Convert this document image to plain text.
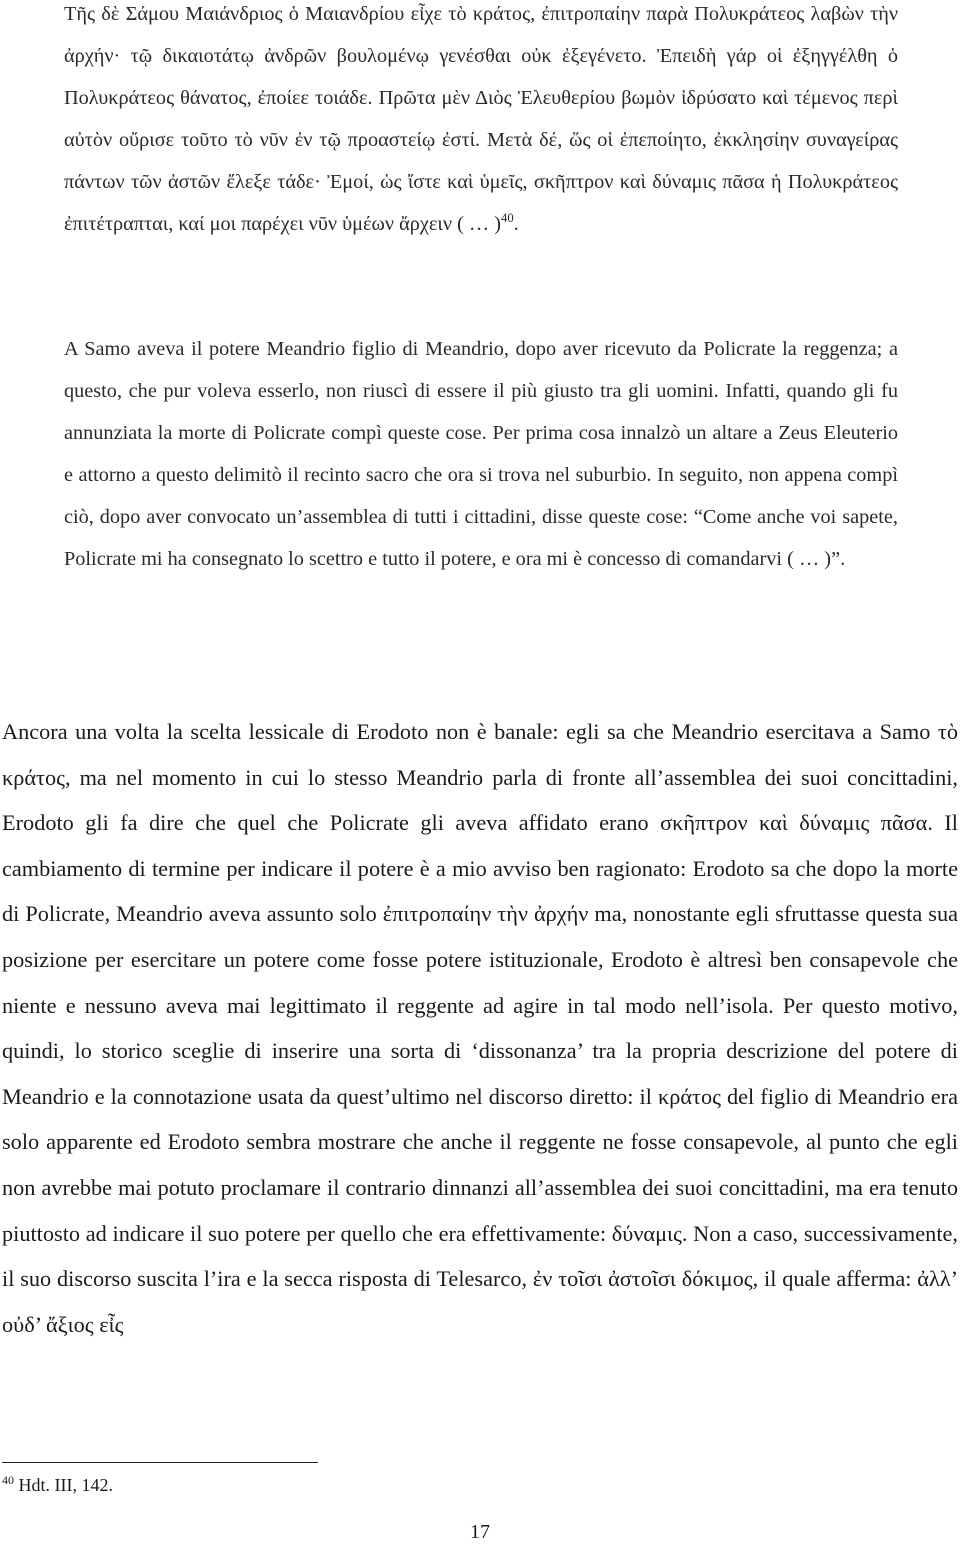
Τῆς δὲ Σάμου Μαιάνδριος ὁ Μαιανδρίου εἶχε τὸ κράτος, ἐπιτροπαίην παρὰ Πολυκράτεος λαβὼν τὴν ἀρχήν· τῷ δικαιοτάτῳ ἀνδρῶν βουλομένῳ γενέσθαι οὐκ ἐξεγένετο. Ἐπειδὴ γάρ οἱ ἐξηγγέλθη ὁ Πολυκράτεος θάνατος, ἐποίεε τοιάδε. Πρῶτα μὲν Διὸς Ἐλευθερίου βωμὸν ἱδρύσατο καὶ τέμενος περὶ αὐτὸν οὔρισε τοῦτο τὸ νῦν ἐν τῷ προαστείῳ ἐστί. Μετὰ δέ, ὥς οἱ ἐπεποίητο, ἐκκλησίην συναγείρας πάντων τῶν ἀστῶν ἔλεξε τάδε· Ἐμοί, ὡς ἴστε καὶ ὑμεῖς, σκῆπτρον καὶ δύναμις πᾶσα ἡ Πολυκράτεος ἐπιτέτραπται, καί μοι παρέχει νῦν ὑμέων ἄρχειν ( … )$^{40}$.

A Samo aveva il potere Meandrio figlio di Meandrio, dopo aver ricevuto da Policrate la reggenza; a questo, che pur voleva esserlo, non riuscì di essere il più giusto tra gli uomini. Infatti, quando gli fu annunziata la morte di Policrate compì queste cose. Per prima cosa innalzò un altare a Zeus Eleuterio e attorno a questo delimitò il recinto sacro che ora si trova nel suburbio. In seguito, non appena compì ciò, dopo aver convocato un’assemblea di tutti i cittadini, disse queste cose: “Come anche voi sapete, Policrate mi ha consegnato lo scettro e tutto il potere, e ora mi è concesso di comandarvi ( … )”.

Ancora una volta la scelta lessicale di Erodoto non è banale: egli sa che Meandrio esercitava a Samo τὸ κράτος, ma nel momento in cui lo stesso Meandrio parla di fronte all’assemblea dei suoi concittadini, Erodoto gli fa dire che quel che Policrate gli aveva affidato erano σκῆπτρον καὶ δύναμις πᾶσα. Il cambiamento di termine per indicare il potere è a mio avviso ben ragionato: Erodoto sa che dopo la morte di Policrate, Meandrio aveva assunto solo ἐπιτροπαίην τὴν ἀρχήν ma, nonostante egli sfruttasse questa sua posizione per esercitare un potere come fosse potere istituzionale, Erodoto è altresì ben consapevole che niente e nessuno aveva mai legittimato il reggente ad agire in tal modo nell’isola. Per questo motivo, quindi, lo storico sceglie di inserire una sorta di ‘dissonanza’ tra la propria descrizione del potere di Meandrio e la connotazione usata da quest’ultimo nel discorso diretto: il κράτος del figlio di Meandrio era solo apparente ed Erodoto sembra mostrare che anche il reggente ne fosse consapevole, al punto che egli non avrebbe mai potuto proclamare il contrario dinnanzi all’assemblea dei suoi concittadini, ma era tenuto piuttosto ad indicare il suo potere per quello che era effettivamente: δύναμις. Non a caso, successivamente, il suo discorso suscita l’ira e la secca risposta di Telesarco, ἐν τοῖσι ἀστοῖσι δόκιμος, il quale afferma: ἀλλ’ οὐδ’ ἄξιος εἶς

$^{40}$ Hdt. III, 142.

17
